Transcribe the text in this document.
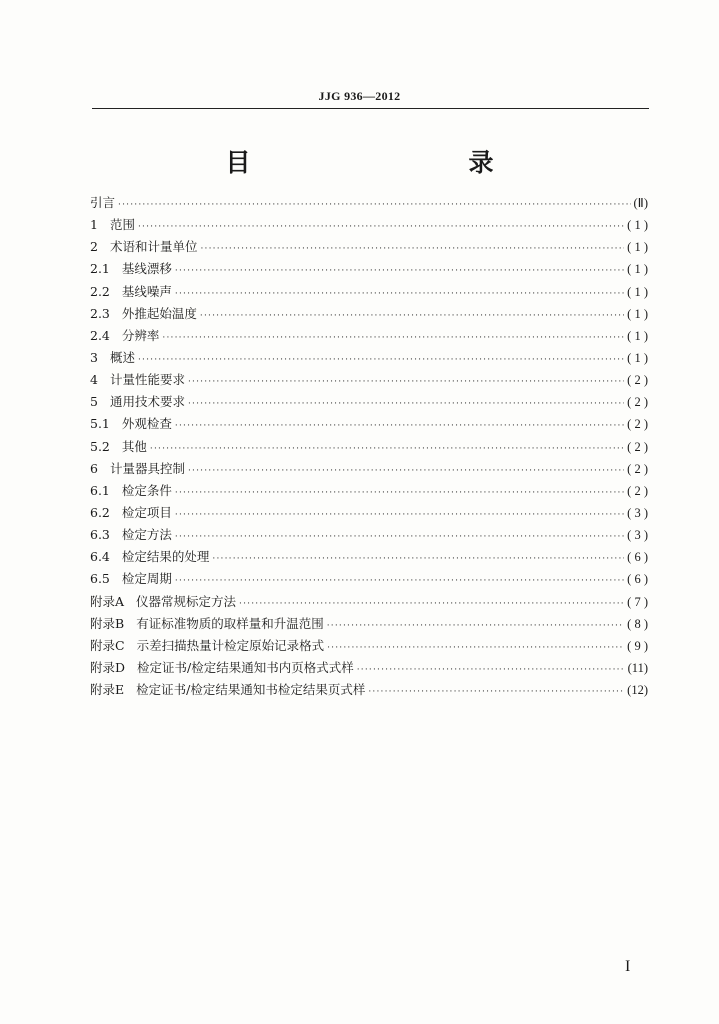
JJG 936—2012
目　　录
引言 ·····	(Ⅱ)
1 范围 ·····	( 1 )
2 术语和计量单位 ·····	( 1 )
2.1 基线漂移 ·····	( 1 )
2.2 基线噪声 ·····	( 1 )
2.3 外推起始温度 ·····	( 1 )
2.4 分辨率 ·····	( 1 )
3 概述 ·····	( 1 )
4 计量性能要求 ·····	( 2 )
5 通用技术要求 ·····	( 2 )
5.1 外观检查 ·····	( 2 )
5.2 其他 ·····	( 2 )
6 计量器具控制 ·····	( 2 )
6.1 检定条件 ·····	( 2 )
6.2 检定项目 ·····	( 3 )
6.3 检定方法 ·····	( 3 )
6.4 检定结果的处理 ·····	( 6 )
6.5 检定周期 ·····	( 6 )
附录A 仪器常规标定方法 ·····	( 7 )
附录B 有证标准物质的取样量和升温范围 ·····	( 8 )
附录C 示差扫描热量计检定原始记录格式 ·····	( 9 )
附录D 检定证书/检定结果通知书内页格式式样 ·····	(11)
附录E 检定证书/检定结果通知书检定结果页式样 ·····	(12)
I
